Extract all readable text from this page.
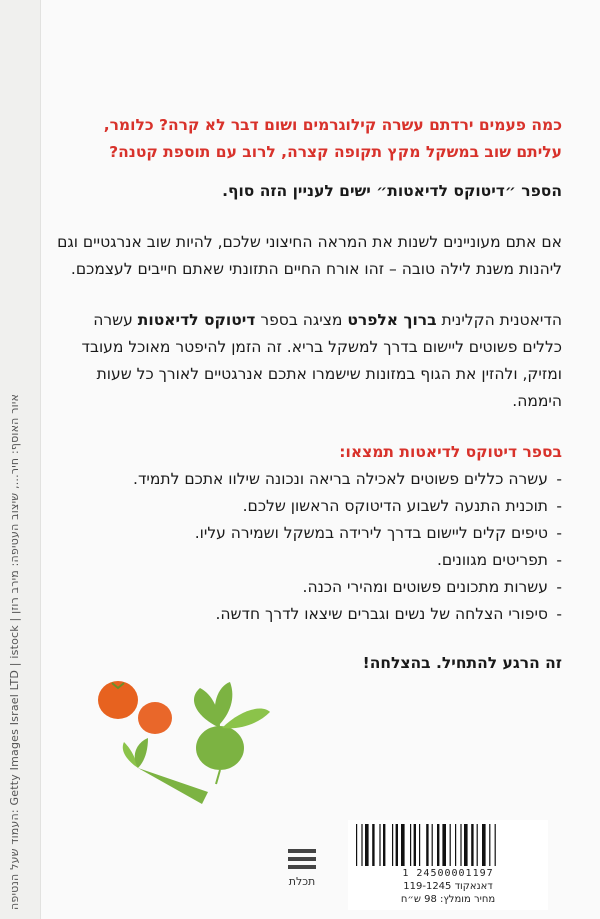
העמוד שעל הנטיפה: Getty Images Israel LTD | istock | איור האוסף: חיר..., שיצוב העטיפה: מירב רוזן

כמה פעמים ירדתם עשרה קילוגרמים ושום דבר לא קרה? כלומר, עליתם שוב במשקל מקץ תקופה קצרה, לרוב עם תוספת קטנה?

הספר ״דיטוקס לדיאטות״ ישים לעניין הזה סוף.

אם אתם מעוניינים לשנות את המראה החיצוני שלכם, להיות שוב אנרגטיים וגם ליהנות משנת לילה טובה – זהו אורח החיים התזונתי שאתם חייבים לעצמכם.

הדיאטנית הקלינית ברוך אלפרט מציגה בספר דיטוקס לדיאטות עשרה כללים פשוטים ליישום בדרך למשקל בריא. זה הזמן להיפטר מאוכל מעובד ומזיק, ולהזין את הגוף במזונות שישמרו אתכם אנרגטיים לאורך כל שעות היממה.

בספר דיטוקס לדיאטות תמצאו:

- עשרה כללים פשוטים לאכילה בריאה ונכונה שילוו אתכם לתמיד.
- תוכנית התנעה לשבוע הדיטוקס הראשון שלכם.
- טיפים קלים ליישום בדרך לירידה במשקל ושמירה עליו.
- תפריטים מגוונים.
- עשרות מתכונים פשוטים ומהירי הכנה.
- סיפורי הצלחה של נשים וגברים שיצאו לדרך חדשה.

זה הרגע להתחיל. בהצלחה!

תכלת
1 24500001197
דאנאקוד 119-1245
מחיר מומלץ: 98 ש״ח
